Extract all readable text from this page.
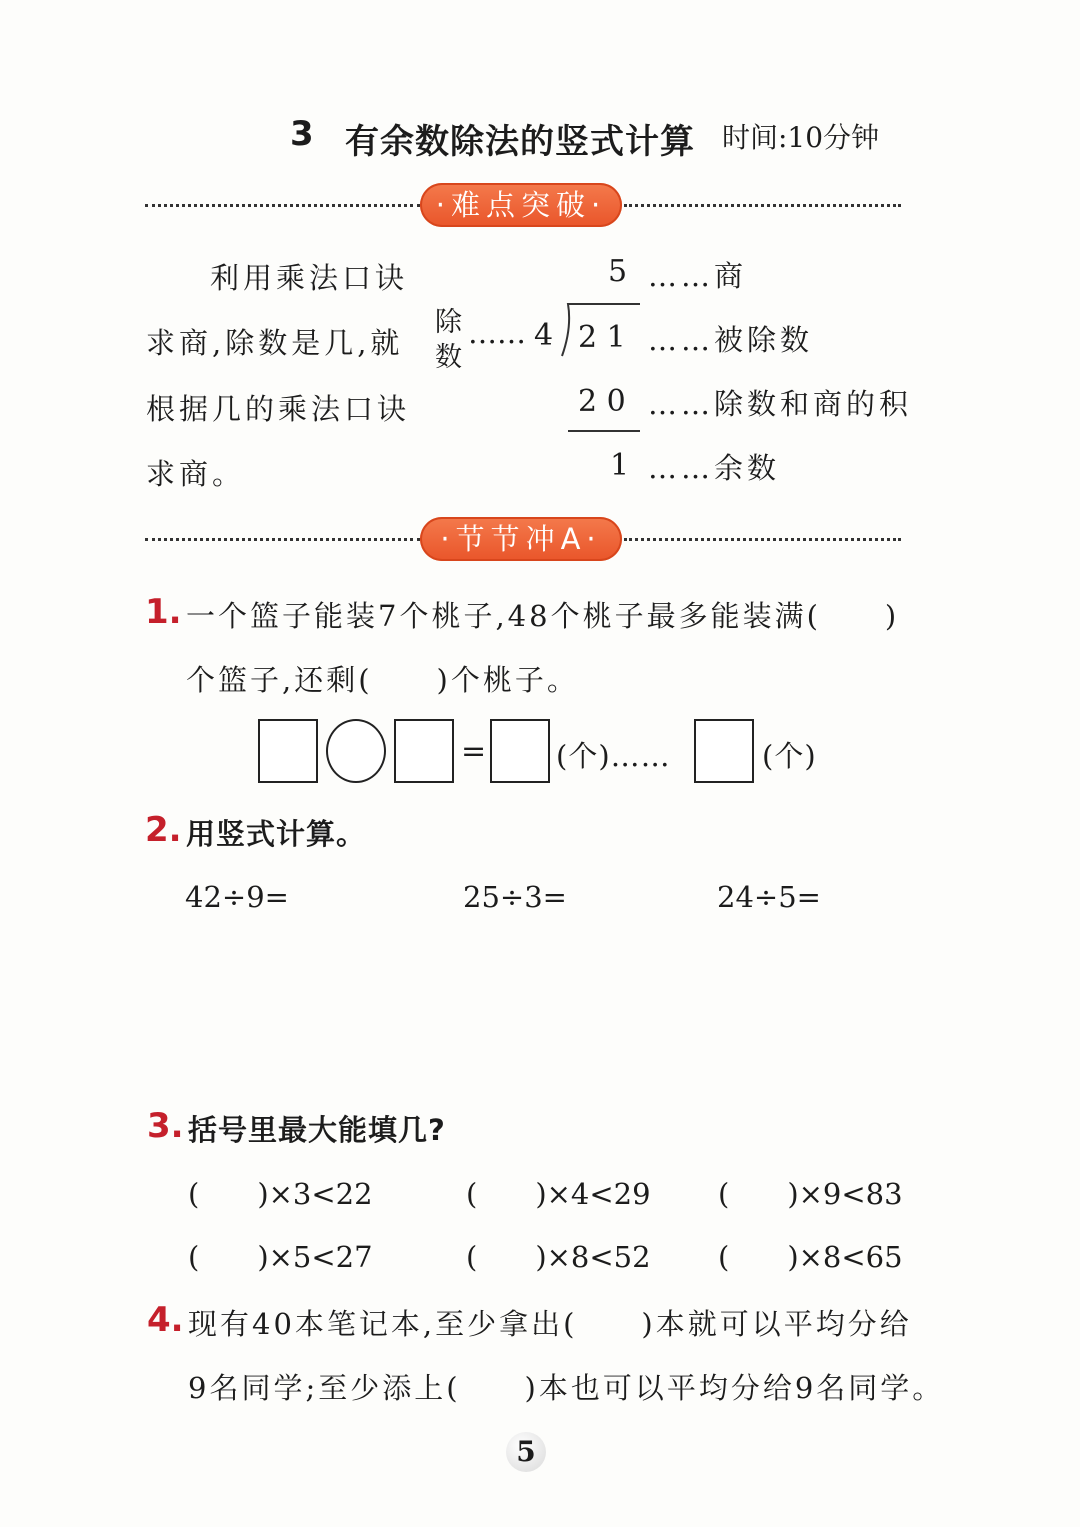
3 有余数除法的竖式计算 时间:10分钟
·难点突破·
利用乘法口诀
求商,除数是几,就
根据几的乘法口诀
求商。
5 ……商
除
数
…… 4 2 1 ……被除数
2 0 ……除数和商的积
1 ……余数
·节节冲A·
1. 一个篮子能装7个桃子,48个桃子最多能装满(　　)
个篮子,还剩(　　)个桃子。
= (个)……	(个)
2. 用竖式计算。
42÷9=	25÷3=	24÷5=
3. 括号里最大能填几?
(　　)×3<22	(　　)×4<29 (　　)×9<83
(　　)×5<27	(　　)×8<52 (　　)×8<65
4. 现有40本笔记本,至少拿出(　　)本就可以平均分给
9名同学;至少添上(　　)本也可以平均分给9名同学。
5
